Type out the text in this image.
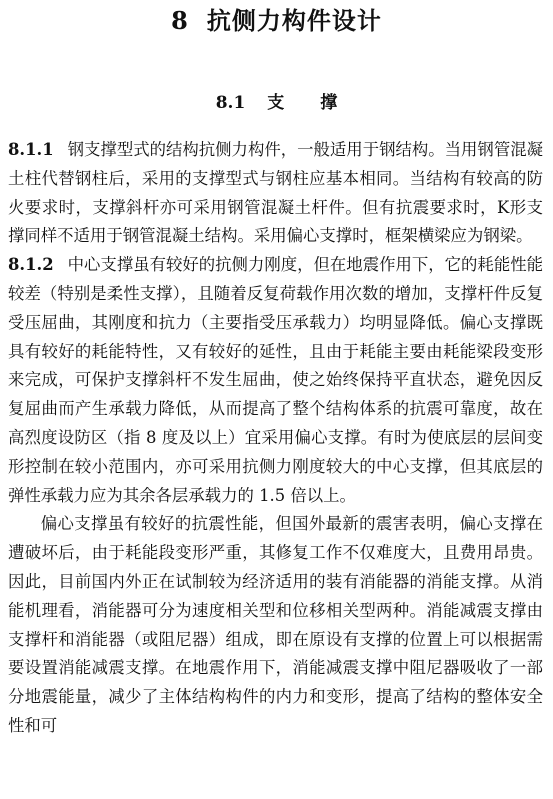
8 抗侧力构件设计
8.1 支 撑

8.1.1 钢支撑型式的结构抗侧力构件，一般适用于钢结构。当用钢管混凝土柱代替钢柱后，采用的支撑型式与钢柱应基本相同。当结构有较高的防火要求时，支撑斜杆亦可采用钢管混凝土杆件。但有抗震要求时，K形支撑同样不适用于钢管混凝土结构。采用偏心支撑时，框架横梁应为钢梁。

8.1.2 中心支撑虽有较好的抗侧力刚度，但在地震作用下，它的耗能性能较差（特别是柔性支撑），且随着反复荷载作用次数的增加，支撑杆件反复受压屈曲，其刚度和抗力（主要指受压承载力）均明显降低。偏心支撑既具有较好的耗能特性，又有较好的延性，且由于耗能主要由耗能梁段变形来完成，可保护支撑斜杆不发生屈曲，使之始终保持平直状态，避免因反复屈曲而产生承载力降低，从而提高了整个结构体系的抗震可靠度，故在高烈度设防区（指 8 度及以上）宜采用偏心支撑。有时为使底层的层间变形控制在较小范围内，亦可采用抗侧力刚度较大的中心支撑，但其底层的弹性承载力应为其余各层承载力的 1.5 倍以上。

偏心支撑虽有较好的抗震性能，但国外最新的震害表明，偏心支撑在遭破坏后，由于耗能段变形严重，其修复工作不仅难度大，且费用昂贵。因此，目前国内外正在试制较为经济适用的装有消能器的消能支撑。从消能机理看，消能器可分为速度相关型和位移相关型两种。消能减震支撑由支撑杆和消能器（或阻尼器）组成，即在原设有支撑的位置上可以根据需要设置消能减震支撑。在地震作用下，消能减震支撑中阻尼器吸收了一部分地震能量，减少了主体结构构件的内力和变形，提高了结构的整体安全性和可
